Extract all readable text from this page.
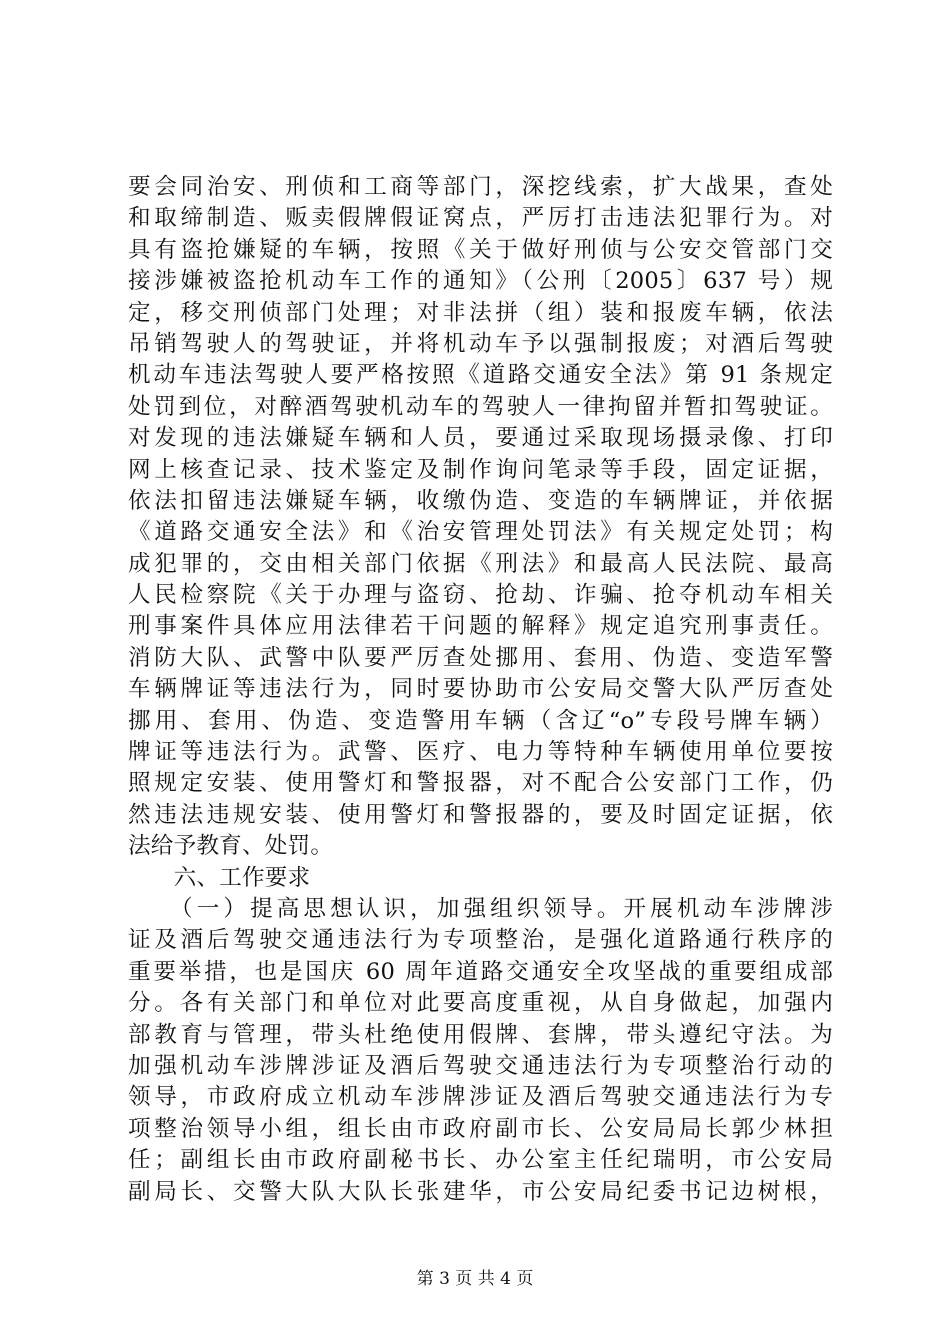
要会同治安、刑侦和工商等部门，深挖线索，扩大战果，查处
和取缔制造、贩卖假牌假证窝点，严厉打击违法犯罪行为。对
具有盗抢嫌疑的车辆，按照《关于做好刑侦与公安交管部门交
接涉嫌被盗抢机动车工作的通知》（公刑〔2005〕637 号）规
定，移交刑侦部门处理；对非法拼（组）装和报废车辆，依法
吊销驾驶人的驾驶证，并将机动车予以强制报废；对酒后驾驶
机动车违法驾驶人要严格按照《道路交通安全法》第 91 条规定
处罚到位，对醉酒驾驶机动车的驾驶人一律拘留并暂扣驾驶证。
对发现的违法嫌疑车辆和人员，要通过采取现场摄录像、打印
网上核查记录、技术鉴定及制作询问笔录等手段，固定证据，
依法扣留违法嫌疑车辆，收缴伪造、变造的车辆牌证，并依据
《道路交通安全法》和《治安管理处罚法》有关规定处罚；构
成犯罪的，交由相关部门依据《刑法》和最高人民法院、最高
人民检察院《关于办理与盗窃、抢劫、诈骗、抢夺机动车相关
刑事案件具体应用法律若干问题的解释》规定追究刑事责任。
消防大队、武警中队要严厉查处挪用、套用、伪造、变造军警
车辆牌证等违法行为，同时要协助市公安局交警大队严厉查处
挪用、套用、伪造、变造警用车辆（含辽“o”专段号牌车辆）
牌证等违法行为。武警、医疗、电力等特种车辆使用单位要按
照规定安装、使用警灯和警报器，对不配合公安部门工作，仍
然违法违规安装、使用警灯和警报器的，要及时固定证据，依
法给予教育、处罚。
　　六、工作要求
　　（一）提高思想认识，加强组织领导。开展机动车涉牌涉
证及酒后驾驶交通违法行为专项整治，是强化道路通行秩序的
重要举措，也是国庆 60 周年道路交通安全攻坚战的重要组成部
分。各有关部门和单位对此要高度重视，从自身做起，加强内
部教育与管理，带头杜绝使用假牌、套牌，带头遵纪守法。为
加强机动车涉牌涉证及酒后驾驶交通违法行为专项整治行动的
领导，市政府成立机动车涉牌涉证及酒后驾驶交通违法行为专
项整治领导小组，组长由市政府副市长、公安局局长郭少林担
任；副组长由市政府副秘书长、办公室主任纪瑞明，市公安局
副局长、交警大队大队长张建华，市公安局纪委书记边树根，
第 3 页 共 4 页
